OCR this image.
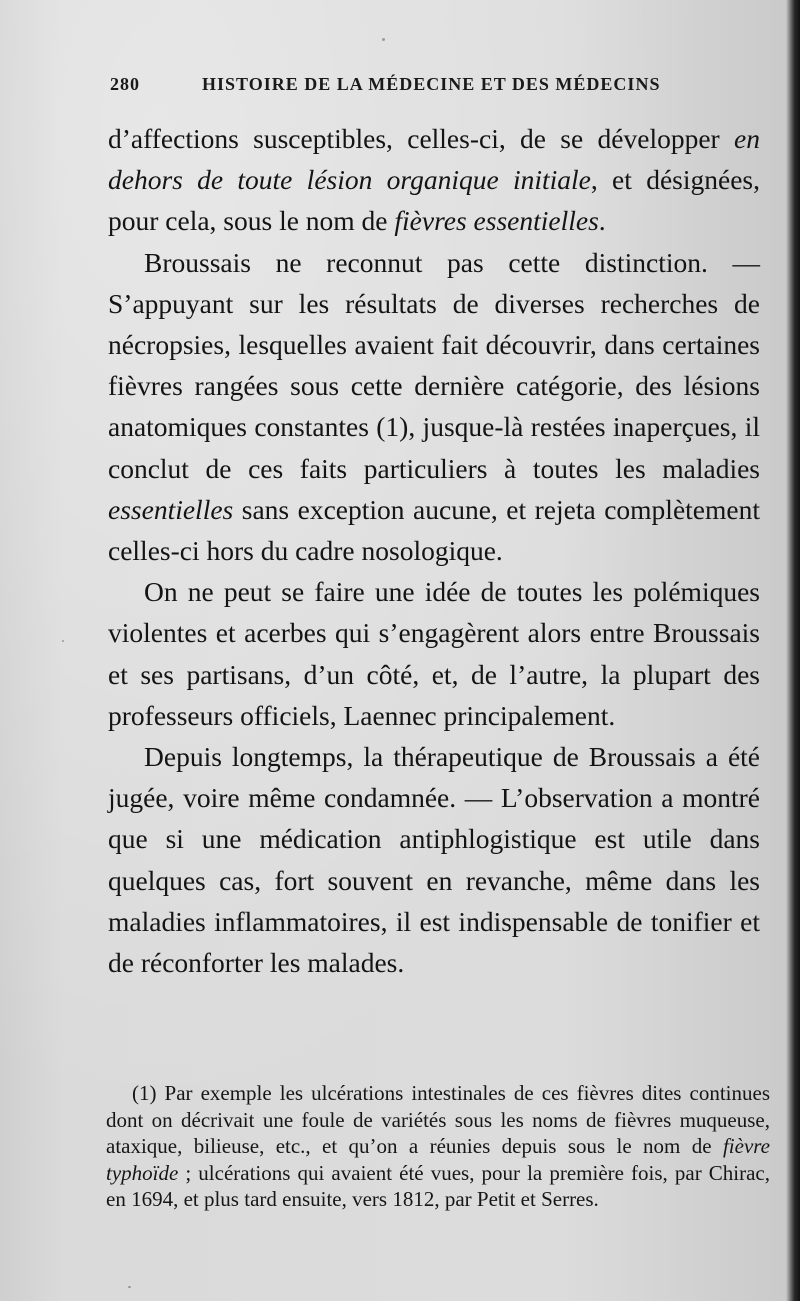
280	HISTOIRE DE LA MÉDECINE ET DES MÉDECINS

d’affections susceptibles, celles-ci, de se développer en dehors de toute lésion organique initiale, et désignées, pour cela, sous le nom de fièvres essentielles.

Broussais ne reconnut pas cette distinction. — S’appuyant sur les résultats de diverses recherches de nécropsies, lesquelles avaient fait découvrir, dans certaines fièvres rangées sous cette dernière catégorie, des lésions anatomiques constantes (1), jusque-là restées inaperçues, il conclut de ces faits particuliers à toutes les maladies essentielles sans exception aucune, et rejeta complètement celles-ci hors du cadre nosologique.

On ne peut se faire une idée de toutes les polémiques violentes et acerbes qui s’engagèrent alors entre Broussais et ses partisans, d’un côté, et, de l’autre, la plupart des professeurs officiels, Laennec principalement.

Depuis longtemps, la thérapeutique de Broussais a été jugée, voire même condamnée. — L’observation a montré que si une médication antiphlogistique est utile dans quelques cas, fort souvent en revanche, même dans les maladies inflammatoires, il est indispensable de tonifier et de réconforter les malades.

(1) Par exemple les ulcérations intestinales de ces fièvres dites continues dont on décrivait une foule de variétés sous les noms de fièvres muqueuse, ataxique, bilieuse, etc., et qu’on a réunies depuis sous le nom de fièvre typhoïde ; ulcérations qui avaient été vues, pour la première fois, par Chirac, en 1694, et plus tard ensuite, vers 1812, par Petit et Serres.
